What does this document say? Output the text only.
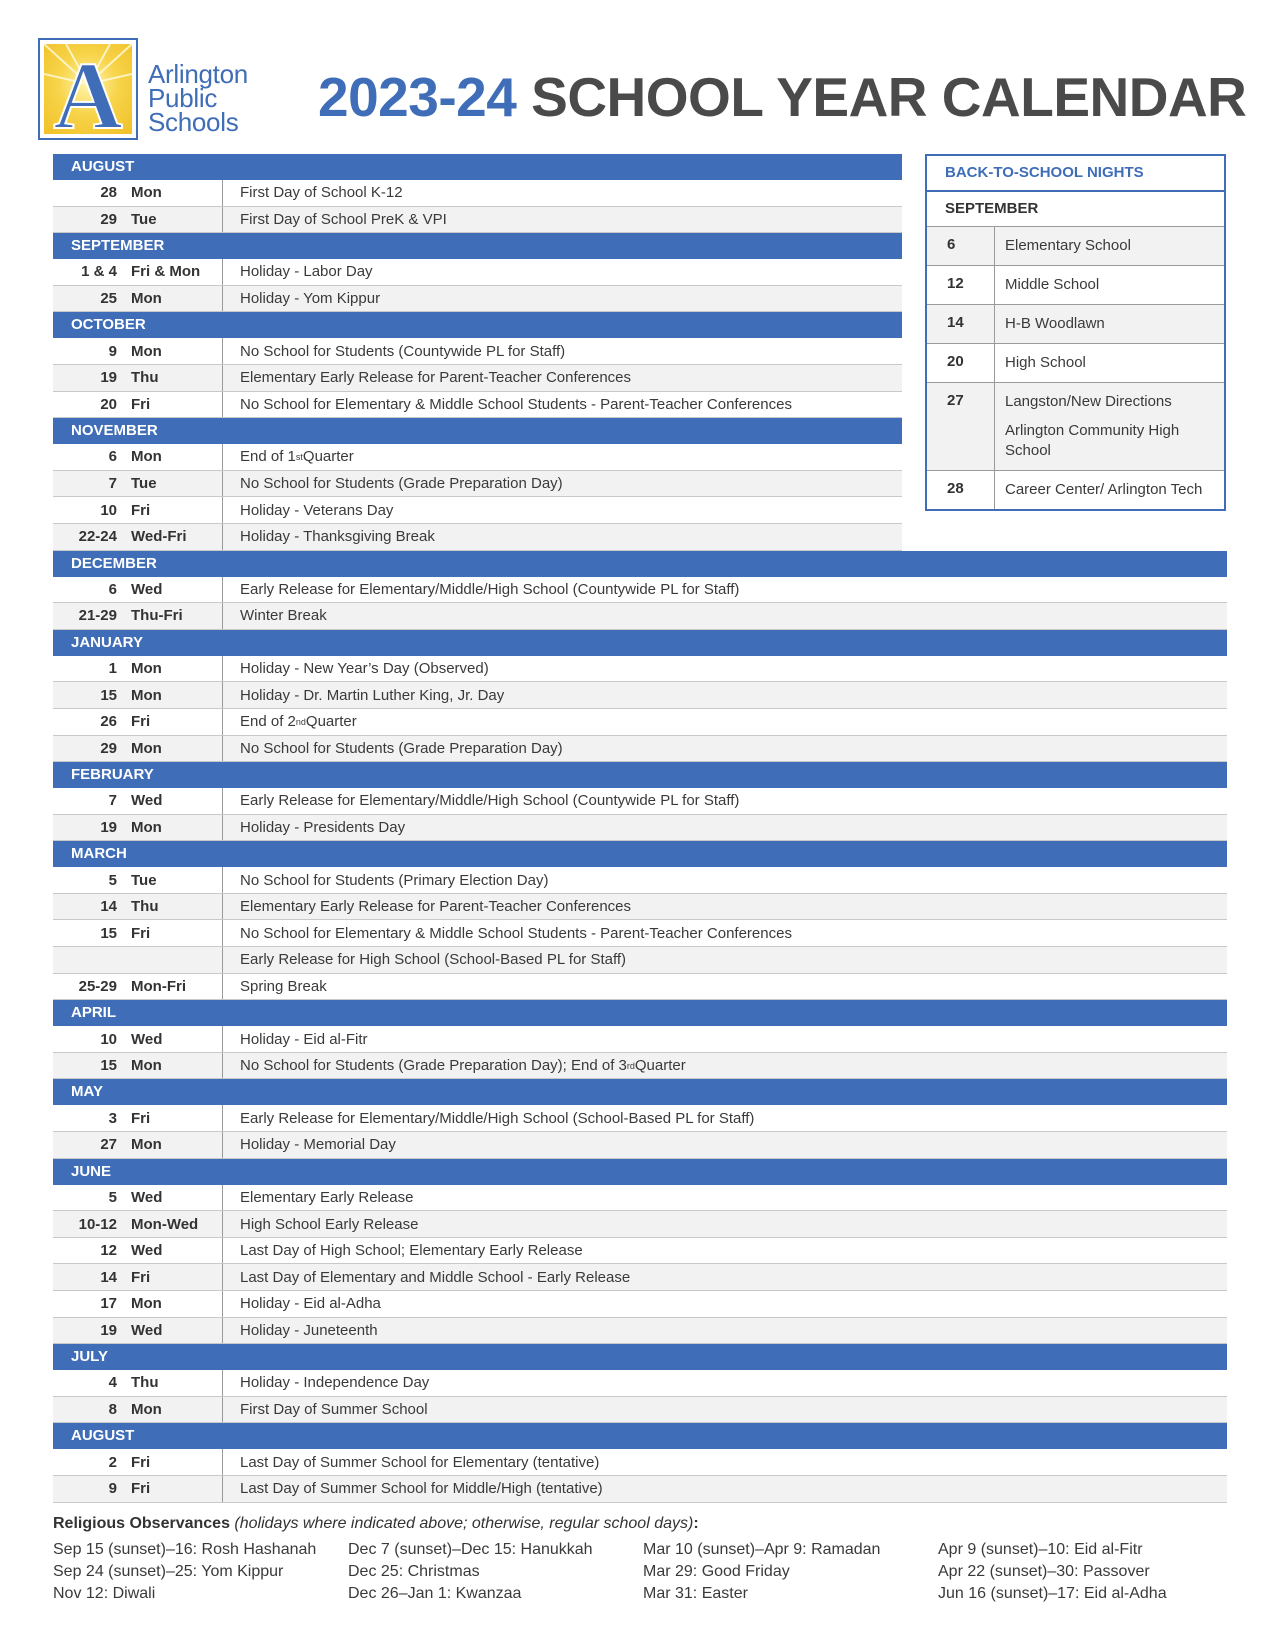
A Arlington
Public
Schools 2023-24 SCHOOL YEAR CALENDAR
AUGUST
28 Mon	First Day of School K-12
29 Tue	First Day of School PreK & VPI
SEPTEMBER
1 & 4 Fri & Mon	Holiday - Labor Day
25 Mon	Holiday - Yom Kippur
OCTOBER
9 Mon	No School for Students (Countywide PL for Staff)
19 Thu	Elementary Early Release for Parent-Teacher Conferences
20 Fri	No School for Elementary & Middle School Students - Parent-Teacher Conferences
NOVEMBER
6 Mon	End of 1 st Quarter
7 Tue	No School for Students (Grade Preparation Day)
10 Fri	Holiday - Veterans Day
22-24 Wed-Fri	Holiday - Thanksgiving Break
DECEMBER
6 Wed	Early Release for Elementary/Middle/High School (Countywide PL for Staff)
21-29 Thu-Fri	Winter Break
JANUARY
1 Mon	Holiday - New Year’s Day (Observed)
15 Mon	Holiday - Dr. Martin Luther King, Jr. Day
26 Fri	End of 2 nd Quarter
29 Mon	No School for Students (Grade Preparation Day)
FEBRUARY
7 Wed	Early Release for Elementary/Middle/High School (Countywide PL for Staff)
19 Mon	Holiday - Presidents Day
MARCH
5 Tue	No School for Students (Primary Election Day)
14 Thu	Elementary Early Release for Parent-Teacher Conferences
15 Fri	No School for Elementary & Middle School Students - Parent-Teacher Conferences
Early Release for High School (School-Based PL for Staff)
25-29 Mon-Fri	Spring Break
APRIL
10 Wed	Holiday - Eid al-Fitr
15 Mon	No School for Students (Grade Preparation Day); End of 3 rd Quarter
MAY
3 Fri	Early Release for Elementary/Middle/High School (School-Based PL for Staff)
27 Mon	Holiday - Memorial Day
JUNE
5 Wed	Elementary Early Release
10-12 Mon-Wed	High School Early Release
12 Wed	Last Day of High School; Elementary Early Release
14 Fri	Last Day of Elementary and Middle School - Early Release
17 Mon	Holiday - Eid al-Adha
19 Wed	Holiday - Juneteenth
JULY
4 Thu	Holiday - Independence Day
8 Mon	First Day of Summer School
AUGUST
2 Fri	Last Day of Summer School for Elementary (tentative)
9 Fri	Last Day of Summer School for Middle/High (tentative)
BACK-TO-SCHOOL NIGHTS
SEPTEMBER
6	Elementary School
12	Middle School
14	H-B Woodlawn
20	High School
27	Langston/New Directions
Arlington Community High School
28	Career Center/ Arlington Tech
Religious Observances (holidays where indicated above; otherwise, regular school days):
Sep 15 (sunset)–16: Rosh Hashanah
Sep 24 (sunset)–25: Yom Kippur
Nov 12: Diwali
Dec 7 (sunset)–Dec 15: Hanukkah
Dec 25: Christmas
Dec 26–Jan 1: Kwanzaa
Mar 10 (sunset)–Apr 9: Ramadan
Mar 29: Good Friday
Mar 31: Easter
Apr 9 (sunset)–10: Eid al-Fitr
Apr 22 (sunset)–30: Passover
Jun 16 (sunset)–17: Eid al-Adha
